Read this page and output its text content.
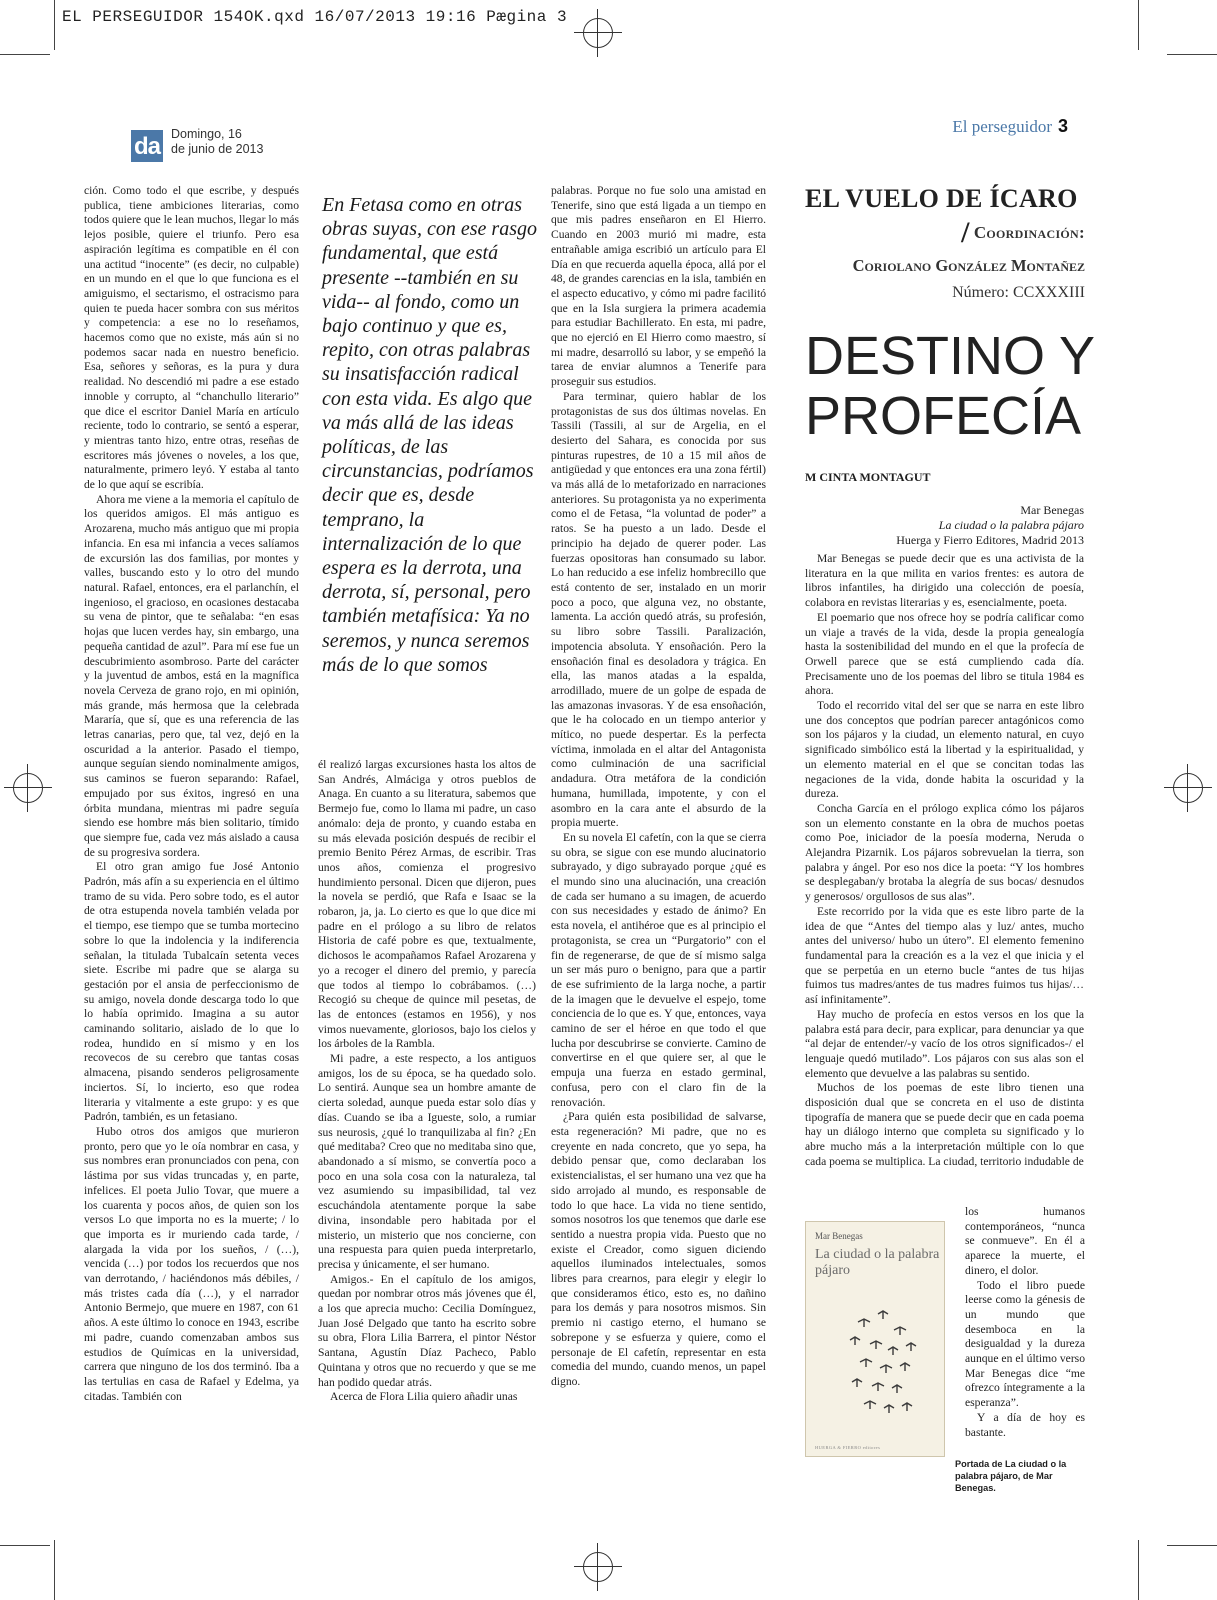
EL PERSEGUIDOR 154OK.qxd 16/07/2013 19:16 Pægina 3
da Domingo, 16
de junio de 2013
El perseguidor 3

ción. Como todo el que escribe, y después publica, tiene ambiciones literarias, como todos quiere que le lean muchos, llegar lo más lejos posible, quiere el triunfo. Pero esa aspiración legítima es compatible en él con una actitud “inocente” (es decir, no culpable) en un mundo en el que lo que funciona es el amiguismo, el sectarismo, el ostracismo para quien te pueda hacer sombra con sus méritos y competencia: a ese no lo reseñamos, hacemos como que no existe, más aún si no podemos sacar nada en nuestro beneficio. Esa, señores y señoras, es la pura y dura realidad. No descendió mi padre a ese estado innoble y corrupto, al “chanchullo literario” que dice el escritor Daniel María en artículo reciente, todo lo contrario, se sentó a esperar, y mientras tanto hizo, entre otras, reseñas de escritores más jóvenes o noveles, a los que, naturalmente, primero leyó. Y estaba al tanto de lo que aquí se escribía.

Ahora me viene a la memoria el capítulo de los queridos amigos. El más antiguo es Arozarena, mucho más antiguo que mi propia infancia. En esa mi infancia a veces salíamos de excursión las dos familias, por montes y valles, buscando esto y lo otro del mundo natural. Rafael, entonces, era el parlanchín, el ingenioso, el gracioso, en ocasiones destacaba su vena de pintor, que te señalaba: “en esas hojas que lucen verdes hay, sin embargo, una pequeña cantidad de azul”. Para mí ese fue un descubrimiento asombroso. Parte del carácter y la juventud de ambos, está en la magnífica novela Cerveza de grano rojo, en mi opinión, más grande, más hermosa que la celebrada Mararía, que sí, que es una referencia de las letras canarias, pero que, tal vez, dejó en la oscuridad a la anterior. Pasado el tiempo, aunque seguían siendo nominalmente amigos, sus caminos se fueron separando: Rafael, empujado por sus éxitos, ingresó en una órbita mundana, mientras mi padre seguía siendo ese hombre más bien solitario, tímido que siempre fue, cada vez más aislado a causa de su progresiva sordera.

El otro gran amigo fue José Antonio Padrón, más afín a su experiencia en el último tramo de su vida. Pero sobre todo, es el autor de otra estupenda novela también velada por el tiempo, ese tiempo que se tumba mortecino sobre lo que la indolencia y la indiferencia señalan, la titulada Tubalcaín setenta veces siete. Escribe mi padre que se alarga su gestación por el ansia de perfeccionismo de su amigo, novela donde descarga todo lo que lo había oprimido. Imagina a su autor caminando solitario, aislado de lo que lo rodea, hundido en sí mismo y en los recovecos de su cerebro que tantas cosas almacena, pisando senderos peligrosamente inciertos. Sí, lo incierto, eso que rodea literaria y vitalmente a este grupo: y es que Padrón, también, es un fetasiano.

Hubo otros dos amigos que murieron pronto, pero que yo le oía nombrar en casa, y sus nombres eran pronunciados con pena, con lástima por sus vidas truncadas y, en parte, infelices. El poeta Julio Tovar, que muere a los cuarenta y pocos años, de quien son los versos Lo que importa no es la muerte; / lo que importa es ir muriendo cada tarde, / alargada la vida por los sueños, / (…), vencida (…) por todos los recuerdos que nos van derrotando, / haciéndonos más débiles, / más tristes cada día (…), y el narrador Antonio Bermejo, que muere en 1987, con 61 años. A este último lo conoce en 1943, escribe mi padre, cuando comenzaban ambos sus estudios de Químicas en la universidad, carrera que ninguno de los dos terminó. Iba a las tertulias en casa de Rafael y Edelma, ya citadas. También con

En Fetasa como en otras obras suyas, con ese rasgo fundamental, que está presente --también en su vida-- al fondo, como un bajo continuo y que es, repito, con otras palabras su insatisfacción radical con esta vida. Es algo que va más allá de las ideas políticas, de las circunstancias, podríamos decir que es, desde temprano, la internalización de lo que espera es la derrota, una derrota, sí, personal, pero también metafísica: Ya no seremos, y nunca seremos más de lo que somos

él realizó largas excursiones hasta los altos de San Andrés, Almáciga y otros pueblos de Anaga. En cuanto a su literatura, sabemos que Bermejo fue, como lo llama mi padre, un caso anómalo: deja de pronto, y cuando estaba en su más elevada posición después de recibir el premio Benito Pérez Armas, de escribir. Tras unos años, comienza el progresivo hundimiento personal. Dicen que dijeron, pues la novela se perdió, que Rafa e Isaac se la robaron, ja, ja. Lo cierto es que lo que dice mi padre en el prólogo a su libro de relatos Historia de café pobre es que, textualmente, dichosos le acompañamos Rafael Arozarena y yo a recoger el dinero del premio, y parecía que todos al tiempo lo cobrábamos. (…) Recogió su cheque de quince mil pesetas, de las de entonces (estamos en 1956), y nos vimos nuevamente, gloriosos, bajo los cielos y los árboles de la Rambla.

Mi padre, a este respecto, a los antiguos amigos, los de su época, se ha quedado solo. Lo sentirá. Aunque sea un hombre amante de cierta soledad, aunque pueda estar solo días y días. Cuando se iba a Igueste, solo, a rumiar sus neurosis, ¿qué lo tranquilizaba al fin? ¿En qué meditaba? Creo que no meditaba sino que, abandonado a sí mismo, se convertía poco a poco en una sola cosa con la naturaleza, tal vez asumiendo su impasibilidad, tal vez escuchándola atentamente porque la sabe divina, insondable pero habitada por el misterio, un misterio que nos concierne, con una respuesta para quien pueda interpretarlo, precisa y únicamente, el ser humano.

Amigos.- En el capítulo de los amigos, quedan por nombrar otros más jóvenes que él, a los que aprecia mucho: Cecilia Domínguez, Juan José Delgado que tanto ha escrito sobre su obra, Flora Lilia Barrera, el pintor Néstor Santana, Agustín Díaz Pacheco, Pablo Quintana y otros que no recuerdo y que se me han podido quedar atrás.

Acerca de Flora Lilia quiero añadir unas

palabras. Porque no fue solo una amistad en Tenerife, sino que está ligada a un tiempo en que mis padres enseñaron en El Hierro. Cuando en 2003 murió mi madre, esta entrañable amiga escribió un artículo para El Día en que recuerda aquella época, allá por el 48, de grandes carencias en la isla, también en el aspecto educativo, y cómo mi padre facilitó que en la Isla surgiera la primera academia para estudiar Bachillerato. En esta, mi padre, que no ejerció en El Hierro como maestro, sí mi madre, desarrolló su labor, y se empeñó la tarea de enviar alumnos a Tenerife para proseguir sus estudios.

Para terminar, quiero hablar de los protagonistas de sus dos últimas novelas. En Tassili (Tassili, al sur de Argelia, en el desierto del Sahara, es conocida por sus pinturas rupestres, de 10 a 15 mil años de antigüedad y que entonces era una zona fértil) va más allá de lo metaforizado en narraciones anteriores. Su protagonista ya no experimenta como el de Fetasa, “la voluntad de poder” a ratos. Se ha puesto a un lado. Desde el principio ha dejado de querer poder. Las fuerzas opositoras han consumado su labor. Lo han reducido a ese infeliz hombrecillo que está contento de ser, instalado en un morir poco a poco, que alguna vez, no obstante, lamenta. La acción quedó atrás, su profesión, su libro sobre Tassili. Paralización, impotencia absoluta. Y ensoñación. Pero la ensoñación final es desoladora y trágica. En ella, las manos atadas a la espalda, arrodillado, muere de un golpe de espada de las amazonas invasoras. Y de esa ensoñación, que le ha colocado en un tiempo anterior y mítico, no puede despertar. Es la perfecta víctima, inmolada en el altar del Antagonista como culminación de una sacrificial andadura. Otra metáfora de la condición humana, humillada, impotente, y con el asombro en la cara ante el absurdo de la propia muerte.

En su novela El cafetín, con la que se cierra su obra, se sigue con ese mundo alucinatorio subrayado, y digo subrayado porque ¿qué es el mundo sino una alucinación, una creación de cada ser humano a su imagen, de acuerdo con sus necesidades y estado de ánimo? En esta novela, el antihéroe que es al principio el protagonista, se crea un “Purgatorio” con el fin de regenerarse, de que de sí mismo salga un ser más puro o benigno, para que a partir de ese sufrimiento de la larga noche, a partir de la imagen que le devuelve el espejo, tome conciencia de lo que es. Y que, entonces, vaya camino de ser el héroe en que todo el que lucha por descubrirse se convierte. Camino de convertirse en el que quiere ser, al que le empuja una fuerza en estado germinal, confusa, pero con el claro fin de la renovación.

¿Para quién esta posibilidad de salvarse, esta regeneración? Mi padre, que no es creyente en nada concreto, que yo sepa, ha debido pensar que, como declaraban los existencialistas, el ser humano una vez que ha sido arrojado al mundo, es responsable de todo lo que hace. La vida no tiene sentido, somos nosotros los que tenemos que darle ese sentido a nuestra propia vida. Puesto que no existe el Creador, como siguen diciendo aquellos iluminados intelectuales, somos libres para crearnos, para elegir y elegir lo que consideramos ético, esto es, no dañino para los demás y para nosotros mismos. Sin premio ni castigo eterno, el humano se sobrepone y se esfuerza y quiere, como el personaje de El cafetín, representar en esta comedia del mundo, cuando menos, un papel digno.

EL VUELO DE ÍCARO
/ Coordinación:
Coriolano González Montañez
Número: CCXXXIII
DESTINO Y
PROFECÍA
M CINTA MONTAGUT
Mar Benegas
La ciudad o la palabra pájaro
Huerga y Fierro Editores, Madrid 2013

Mar Benegas se puede decir que es una activista de la literatura en la que milita en varios frentes: es autora de libros infantiles, ha dirigido una colección de poesía, colabora en revistas literarias y es, esencialmente, poeta.

El poemario que nos ofrece hoy se podría calificar como un viaje a través de la vida, desde la propia genealogía hasta la sostenibilidad del mundo en el que la profecía de Orwell parece que se está cumpliendo cada día. Precisamente uno de los poemas del libro se titula 1984 es ahora.

Todo el recorrido vital del ser que se narra en este libro une dos conceptos que podrían parecer antagónicos como son los pájaros y la ciudad, un elemento natural, en cuyo significado simbólico está la libertad y la espiritualidad, y un elemento material en el que se concitan todas las negaciones de la vida, donde habita la oscuridad y la dureza.

Concha García en el prólogo explica cómo los pájaros son un elemento constante en la obra de muchos poetas como Poe, iniciador de la poesía moderna, Neruda o Alejandra Pizarnik. Los pájaros sobrevuelan la tierra, son palabra y ángel. Por eso nos dice la poeta: “Y los hombres se desplegaban/y brotaba la alegría de sus bocas/ desnudos y generosos/ orgullosos de sus alas”.

Este recorrido por la vida que es este libro parte de la idea de que “Antes del tiempo alas y luz/ antes, mucho antes del universo/ hubo un útero”. El elemento femenino fundamental para la creación es a la vez el que inicia y el que se perpetúa en un eterno bucle “antes de tus hijas fuimos tus madres/antes de tus madres fuimos tus hijas/… así infinitamente”.

Hay mucho de profecía en estos versos en los que la palabra está para decir, para explicar, para denunciar ya que “al dejar de entender/-y vacío de los otros significados-/ el lenguaje quedó mutilado”. Los pájaros con sus alas son el elemento que devuelve a las palabras su sentido.

Muchos de los poemas de este libro tienen una disposición dual que se concreta en el uso de distinta tipografía de manera que se puede decir que en cada poema hay un diálogo interno que completa su significado y lo abre mucho más a la interpretación múltiple con lo que cada poema se multiplica. La ciudad, territorio indudable de

los humanos contemporáneos, “nunca se conmueve”. En él a aparece la muerte, el dinero, el dolor.

Todo el libro puede leerse como la génesis de un mundo que desemboca en la desigualdad y la dureza aunque en el último verso Mar Benegas dice “me ofrezco íntegramente a la esperanza”.

Y a día de hoy es bastante.

Mar Benegas
La ciudad o la palabra pájaro
HUERGA & FIERRO editores
Portada de La ciudad o la palabra pájaro, de Mar Benegas.
